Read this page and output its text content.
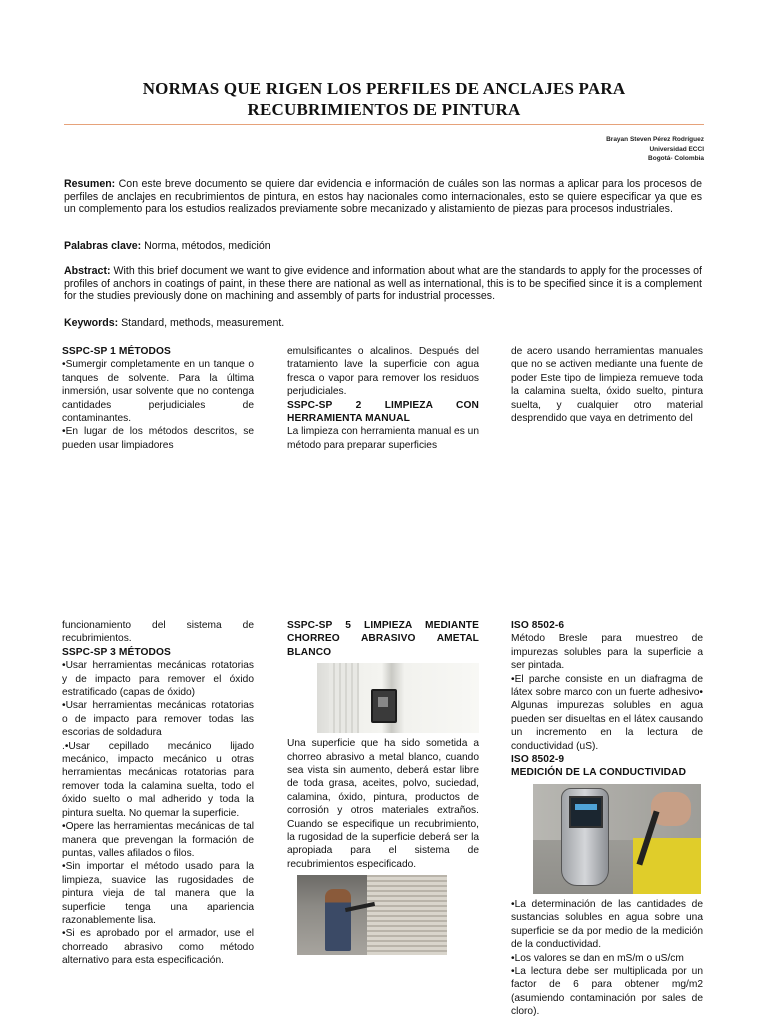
NORMAS QUE RIGEN LOS PERFILES DE ANCLAJES PARA
RECUBRIMIENTOS DE PINTURA
Brayan Steven Pérez Rodríguez
Universidad ECCI
Bogotá- Colombia
Resumen: Con este breve documento se quiere dar evidencia e información de cuáles son las normas a aplicar para los procesos de perfiles de anclajes en recubrimientos de pintura, en estos hay nacionales como internacionales, esto se quiere especificar ya que es un complemento para los estudios realizados previamente sobre mecanizado y alistamiento de piezas para procesos industriales.
Palabras clave: Norma, métodos, medición
Abstract: With this brief document we want to give evidence and information about what are the standards to apply for the processes of profiles of anchors in coatings of paint, in these there are national as well as international, this is to be specified since it is a complement for the studies previously done on machining and assembly of parts for industrial processes.
Keywords: Standard, methods, measurement.

SSPC-SP 1 MÉTODOS

•Sumergir completamente en un tanque o tanques de solvente. Para la última inmersión, usar solvente que no contenga cantidades perjudiciales de contaminantes.

•En lugar de los métodos descritos, se pueden usar limpiadores

emulsificantes o alcalinos. Después del tratamiento lave la superficie con agua fresca o vapor para remover los residuos perjudiciales.

SSPC-SP 2 LIMPIEZA CON HERRAMIENTA MANUAL

La limpieza con herramienta manual es un método para preparar superficies

de acero usando herramientas manuales que no se activen mediante una fuente de poder Este tipo de limpieza remueve toda la calamina suelta, óxido suelto, pintura suelta, y cualquier otro material desprendido que vaya en detrimento del

funcionamiento del sistema de recubrimientos.

SSPC-SP 3 MÉTODOS

•Usar herramientas mecánicas rotatorias y de impacto para remover el óxido estratificado (capas de óxido)

•Usar herramientas mecánicas rotatorias o de impacto para remover todas las escorias de soldadura

.•Usar cepillado mecánico lijado mecánico, impacto mecánico u otras herramientas mecánicas rotatorias para remover toda la calamina suelta, todo el óxido suelto o mal adherido y toda la pintura suelta. No quemar la superficie.

•Opere las herramientas mecánicas de tal manera que prevengan la formación de puntas, valles afilados o filos.

•Sin importar el método usado para la limpieza, suavice las rugosidades de pintura vieja de tal manera que la superficie tenga una apariencia razonablemente lisa.

•Si es aprobado por el armador, use el chorreado abrasivo como método alternativo para esta especificación.

SSPC-SP 5 LIMPIEZA MEDIANTE CHORREO ABRASIVO AMETAL BLANCO

Una superficie que ha sido sometida a chorreo abrasivo a metal blanco, cuando sea vista sin aumento, deberá estar libre de toda grasa, aceites, polvo, suciedad, calamina, óxido, pintura, productos de corrosión y otros materiales extraños. Cuando se especifique un recubrimiento, la rugosidad de la superficie deberá ser la apropiada para el sistema de recubrimientos especificado.

ISO 8502-6

Método Bresle para muestreo de impurezas solubles para la superficie a ser pintada.

•El parche consiste en un diafragma de látex sobre marco con un fuerte adhesivo• Algunas impurezas solubles en agua pueden ser disueltas en el látex causando un incremento en la lectura de conductividad (uS).

ISO 8502-9

MEDICIÓN DE LA CONDUCTIVIDAD

•La determinación de las cantidades de sustancias solubles en agua sobre una superficie se da por medio de la medición de la conductividad.

•Los valores se dan en mS/m o uS/cm

•La lectura debe ser multiplicada por un factor de 6 para obtener mg/m2 (asumiendo contaminación por sales de cloro).
